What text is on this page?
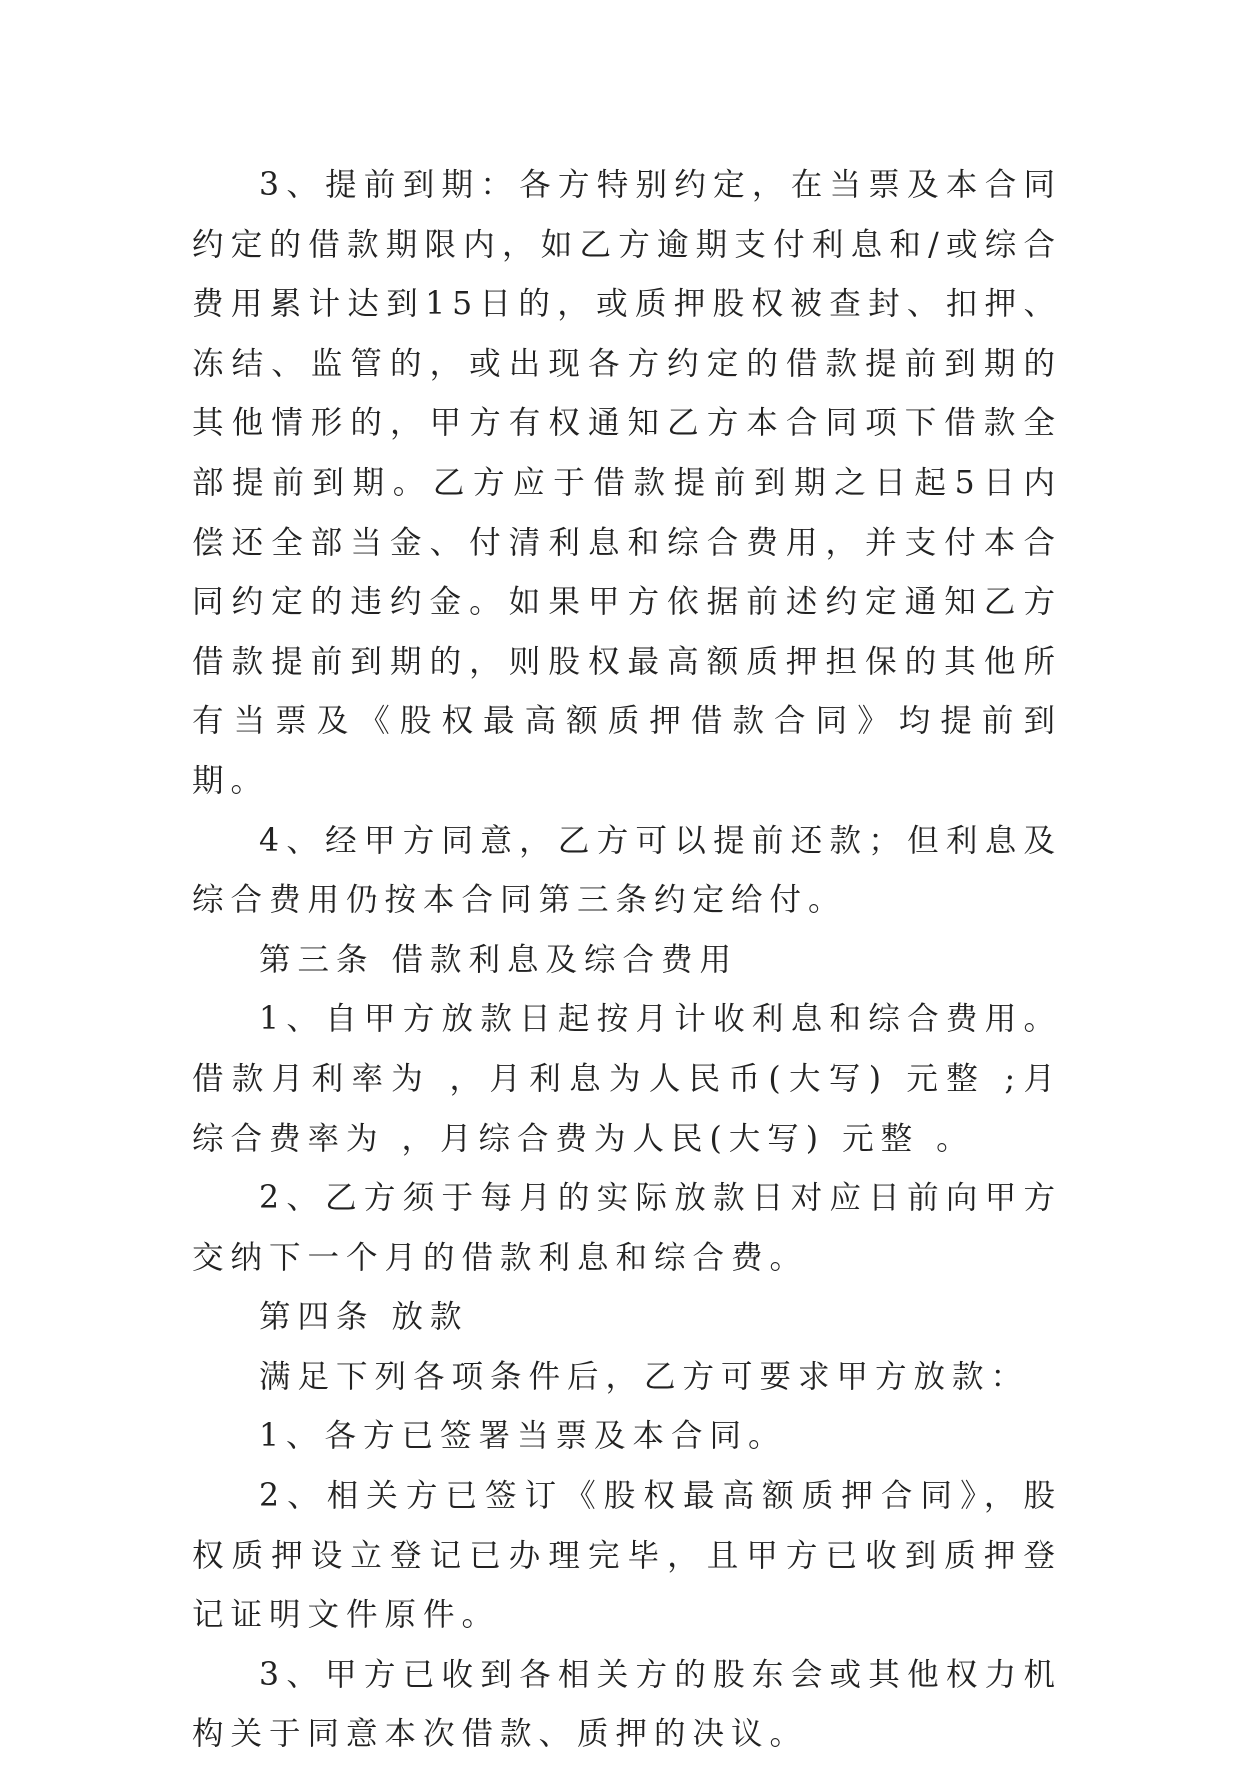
3、提前到期：各方特别约定，在当票及本合同约定的借款期限内，如乙方逾期支付利息和/或综合费用累计达到15日的，或质押股权被查封、扣押、冻结、监管的，或出现各方约定的借款提前到期的其他情形的，甲方有权通知乙方本合同项下借款全部提前到期。乙方应于借款提前到期之日起5日内偿还全部当金、付清利息和综合费用，并支付本合同约定的违约金。如果甲方依据前述约定通知乙方借款提前到期的，则股权最高额质押担保的其他所有当票及《股权最高额质押借款合同》均提前到期。

4、经甲方同意，乙方可以提前还款；但利息及综合费用仍按本合同第三条约定给付。

第三条 借款利息及综合费用

1、自甲方放款日起按月计收利息和综合费用。借款月利率为 ，月利息为人民币(大写) 元整 ;月综合费率为 ，月综合费为人民(大写) 元整 。

2、乙方须于每月的实际放款日对应日前向甲方交纳下一个月的借款利息和综合费。

第四条 放款

满足下列各项条件后，乙方可要求甲方放款：

1、各方已签署当票及本合同。

2、相关方已签订《股权最高额质押合同》，股权质押设立登记已办理完毕，且甲方已收到质押登记证明文件原件。

3、甲方已收到各相关方的股东会或其他权力机构关于同意本次借款、质押的决议。
